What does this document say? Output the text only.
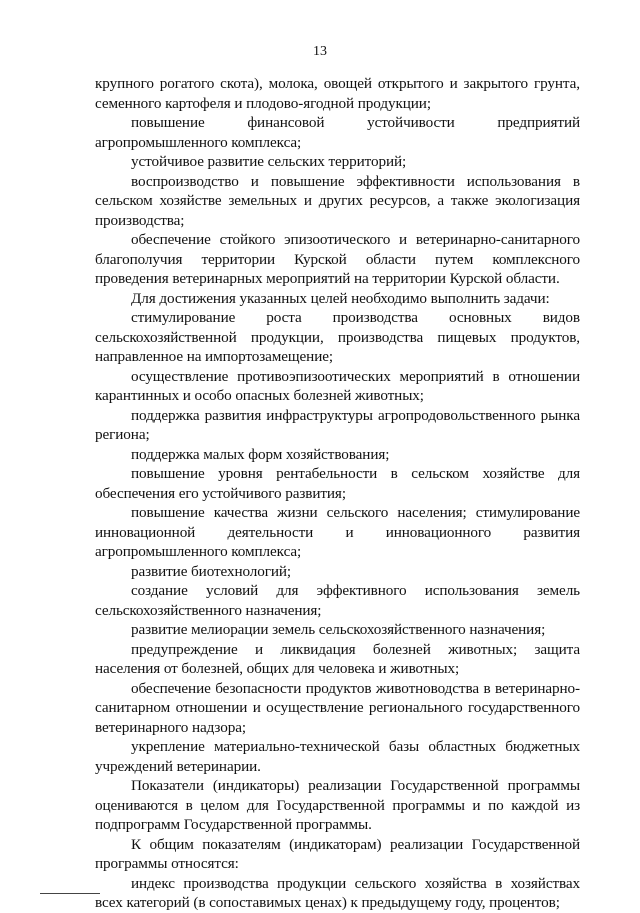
13

крупного рогатого скота), молока, овощей открытого и закрытого грунта, семенного картофеля и плодово-ягодной продукции;

повышение финансовой устойчивости предприятий агропромышленного комплекса;

устойчивое развитие сельских территорий;

воспроизводство и повышение эффективности использования в сельском хозяйстве земельных и других ресурсов, а также экологизация производства;

обеспечение стойкого эпизоотического и ветеринарно-санитарного благополучия территории Курской области путем комплексного проведения ветеринарных мероприятий на территории Курской области.

Для достижения указанных целей необходимо выполнить задачи:

стимулирование роста производства основных видов сельскохозяйственной продукции, производства пищевых продуктов, направленное на импортозамещение;

осуществление противоэпизоотических мероприятий в отношении карантинных и особо опасных болезней животных;

поддержка развития инфраструктуры агропродовольственного рынка региона;

поддержка малых форм хозяйствования;

повышение уровня рентабельности в сельском хозяйстве для обеспечения его устойчивого развития;

повышение качества жизни сельского населения; стимулирование инновационной деятельности и инновационного развития агропромышленного комплекса;

развитие биотехнологий;

создание условий для эффективного использования земель сельскохозяйственного назначения;

развитие мелиорации земель сельскохозяйственного назначения;

предупреждение и ликвидация болезней животных; защита населения от болезней, общих для человека и животных;

обеспечение безопасности продуктов животноводства в ветеринарно-санитарном отношении и осуществление регионального государственного ветеринарного надзора;

укрепление материально-технической базы областных бюджетных учреждений ветеринарии.

Показатели (индикаторы) реализации Государственной программы оцениваются в целом для Государственной программы и по каждой из подпрограмм Государственной программы.

К общим показателям (индикаторам) реализации Государственной программы относятся:

индекс производства продукции сельского хозяйства в хозяйствах всех категорий (в сопоставимых ценах) к предыдущему году, процентов;
